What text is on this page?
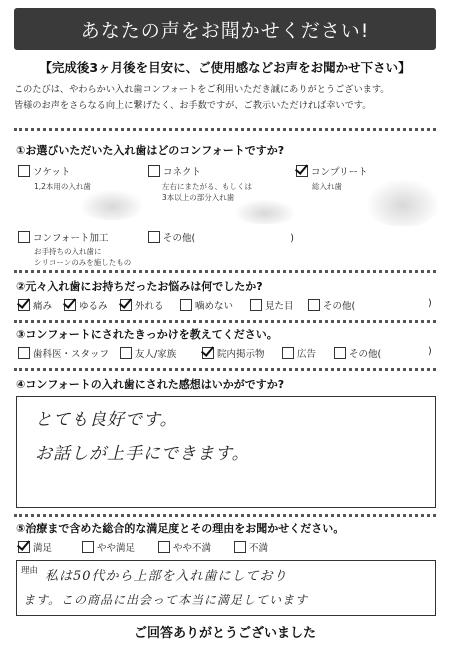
あなたの声をお聞かせください!
【完成後3ヶ月後を目安に、ご使用感などお声をお聞かせ下さい】
このたびは、やわらかい入れ歯コンフォートをご利用いただき誠にありがとうございます。
皆様のお声をさらなる向上に繋げたく、お手数ですが、ご教示いただければ幸いです。
①お選びいただいた入れ歯はどのコンフォートですか?
ソケット
1,2本用の入れ歯
コネクト
左右にまたがる、もしくは
3本以上の部分入れ歯
コンプリート
総入れ歯
コンフォート加工
お手持ちの入れ歯に
シリコーンのみを施したもの
その他(　　　　　　　　　　)
②元々入れ歯にお持ちだったお悩みは何でしたか?
痛み	ゆるみ	外れる	噛めない	見た目	その他(	)
③コンフォートにされたきっかけを教えてください。
歯科医・スタッフ	友人/家族	院内掲示物	広告	その他(	)
④コンフォートの入れ歯にされた感想はいかがですか?
とても良好です。
お話しが上手にできます。
⑤治療まで含めた総合的な満足度とその理由をお聞かせください。
満足	やや満足	やや不満	不満
理由 私は50代から上部を入れ歯にしており
ます。この商品に出会って本当に満足しています
ご回答ありがとうございました
